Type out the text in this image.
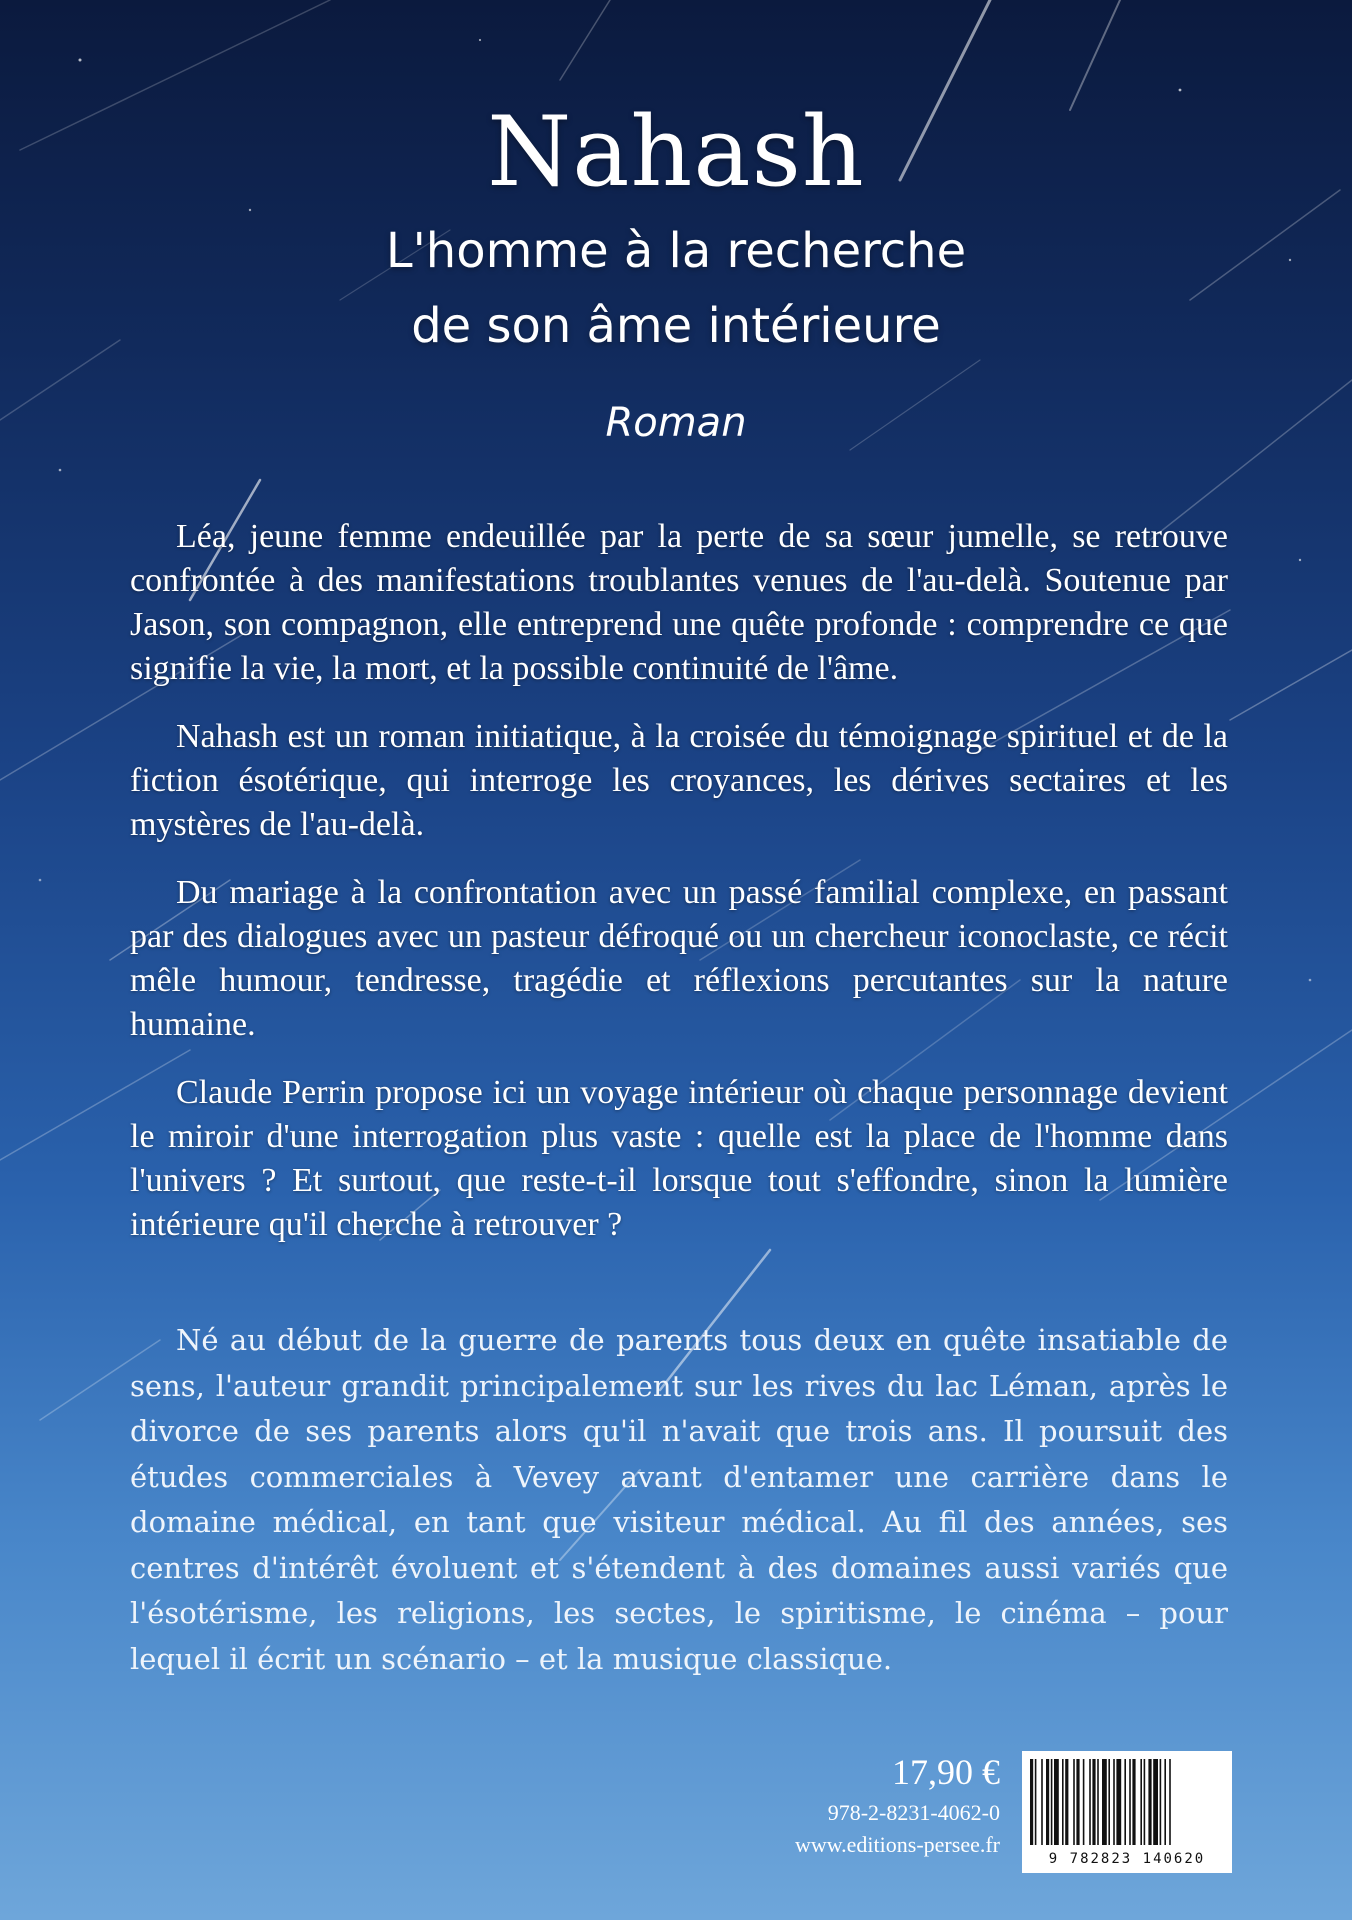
Nahash
L'homme à la recherche
de son âme intérieure
Roman

Léa, jeune femme endeuillée par la perte de sa sœur jumelle, se retrouve confrontée à des manifestations troublantes venues de l'au-delà. Soutenue par Jason, son compagnon, elle entreprend une quête profonde : comprendre ce que signifie la vie, la mort, et la possible continuité de l'âme.

Nahash est un roman initiatique, à la croisée du témoignage spirituel et de la fiction ésotérique, qui interroge les croyances, les dérives sectaires et les mystères de l'au-delà.

Du mariage à la confrontation avec un passé familial complexe, en passant par des dialogues avec un pasteur défroqué ou un chercheur iconoclaste, ce récit mêle humour, tendresse, tragédie et réflexions percutantes sur la nature humaine.

Claude Perrin propose ici un voyage intérieur où chaque personnage devient le miroir d'une interrogation plus vaste : quelle est la place de l'homme dans l'univers ? Et surtout, que reste-t-il lorsque tout s'effondre, sinon la lumière intérieure qu'il cherche à retrouver ?

Né au début de la guerre de parents tous deux en quête insatiable de sens, l'auteur grandit principalement sur les rives du lac Léman, après le divorce de ses parents alors qu'il n'avait que trois ans. Il poursuit des études commerciales à Vevey avant d'entamer une carrière dans le domaine médical, en tant que visiteur médical. Au fil des années, ses centres d'intérêt évoluent et s'étendent à des domaines aussi variés que l'ésotérisme, les religions, les sectes, le spiritisme, le cinéma – pour lequel il écrit un scénario – et la musique classique.
17,90 €
978-2-8231-4062-0
www.editions-persee.fr
9 782823 140620
